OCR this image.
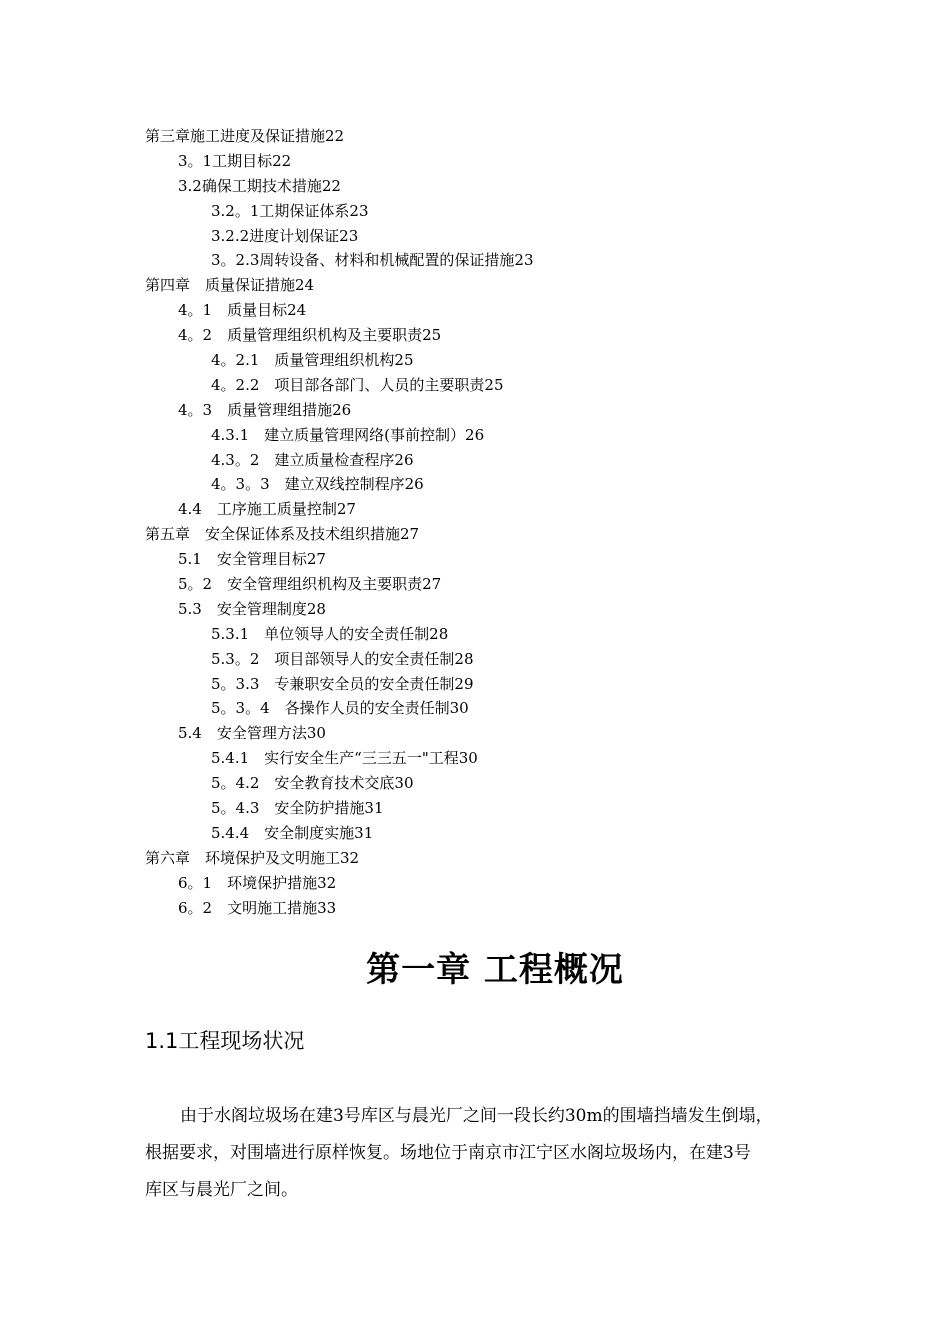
第三章施工进度及保证措施22
3。1工期目标22
3.2确保工期技术措施22
3.2。1工期保证体系23
3.2.2进度计划保证23
3。2.3周转设备、材料和机械配置的保证措施23
第四章　质量保证措施24
4。1　质量目标24
4。2　质量管理组织机构及主要职责25
4。2.1　质量管理组织机构25
4。2.2　项目部各部门、人员的主要职责25
4。3　质量管理组措施26
4.3.1　建立质量管理网络(事前控制）26
4.3。2　建立质量检查程序26
4。3。3　建立双线控制程序26
4.4　工序施工质量控制27
第五章　安全保证体系及技术组织措施27
5.1　安全管理目标27
5。2　安全管理组织机构及主要职责27
5.3　安全管理制度28
5.3.1　单位领导人的安全责任制28
5.3。2　项目部领导人的安全责任制28
5。3.3　专兼职安全员的安全责任制29
5。3。4　各操作人员的安全责任制30
5.4　安全管理方法30
5.4.1　实行安全生产“三三五一"工程30
5。4.2　安全教育技术交底30
5。4.3　安全防护措施31
5.4.4　安全制度实施31
第六章　环境保护及文明施工32
6。1　环境保护措施32
6。2　文明施工措施33
第一章 工程概况
1.1工程现场状况
由于水阁垃圾场在建3号库区与晨光厂之间一段长约30m的围墙挡墙发生倒塌，
根据要求，对围墙进行原样恢复。场地位于南京市江宁区水阁垃圾场内，在建3号
库区与晨光厂之间。
